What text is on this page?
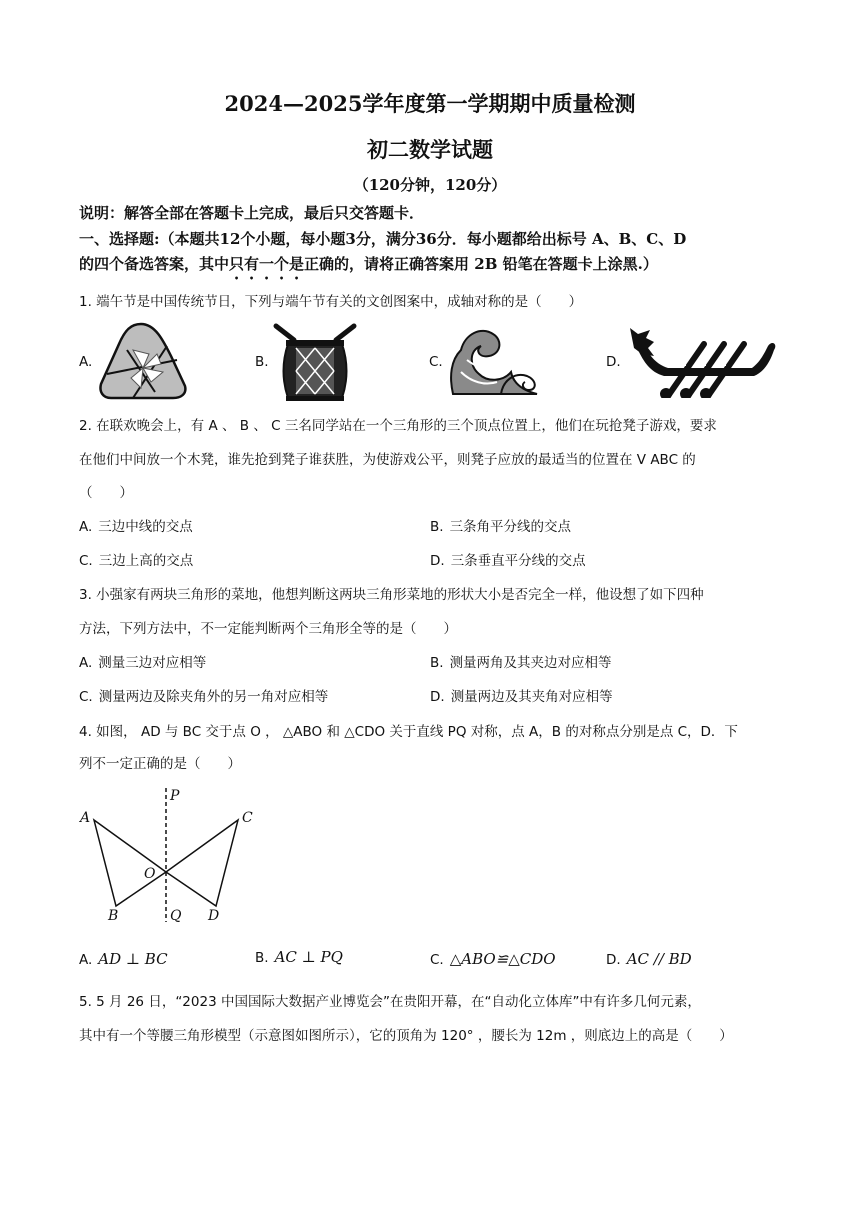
2024—2025学年度第一学期期中质量检测
初二数学试题
（120分钟，120分）
说明：解答全部在答题卡上完成，最后只交答题卡．
一、选择题:（本题共12个小题，每小题3分，满分36分．每小题都给出标号 A、B、C、D
的四个备选答案，其中只有一个是正确的，请将正确答案用 2B 铅笔在答题卡上涂黑.）
1. 端午节是中国传统节日，下列与端午节有关的文创图案中，成轴对称的是（　　）
A.	B.	C.	D.
2. 在联欢晚会上，有 A 、 B 、 C 三名同学站在一个三角形的三个顶点位置上，他们在玩抢凳子游戏，要求
在他们中间放一个木凳，谁先抢到凳子谁获胜，为使游戏公平，则凳子应放的最适当的位置在 V ABC 的
（　　）
A. 三边中线的交点	B. 三条角平分线的交点
C. 三边上高的交点	D. 三条垂直平分线的交点
3. 小强家有两块三角形的菜地，他想判断这两块三角形菜地的形状大小是否完全一样，他设想了如下四种
方法，下列方法中，不一定能判断两个三角形全等的是（　　）
A. 测量三边对应相等	B. 测量两角及其夹边对应相等
C. 测量两边及除夹角外的另一角对应相等	D. 测量两边及其夹角对应相等
4. 如图， AD 与 BC 交于点 O ， △ABO 和 △CDO 关于直线 PQ 对称，点 A，B 的对称点分别是点 C，D．下
列不一定正确的是（　　）
P
Q
A
B
C
D
O
A. AD ⊥ BC	B. AC ⊥ PQ	C. △ABO≌△CDO	D. AC // BD
5. 5 月 26 日，“2023 中国国际大数据产业博览会”在贵阳开幕，在“自动化立体库”中有许多几何元素，
其中有一个等腰三角形模型（示意图如图所示），它的顶角为 120° ，腰长为 12m ，则底边上的高是（　　）
